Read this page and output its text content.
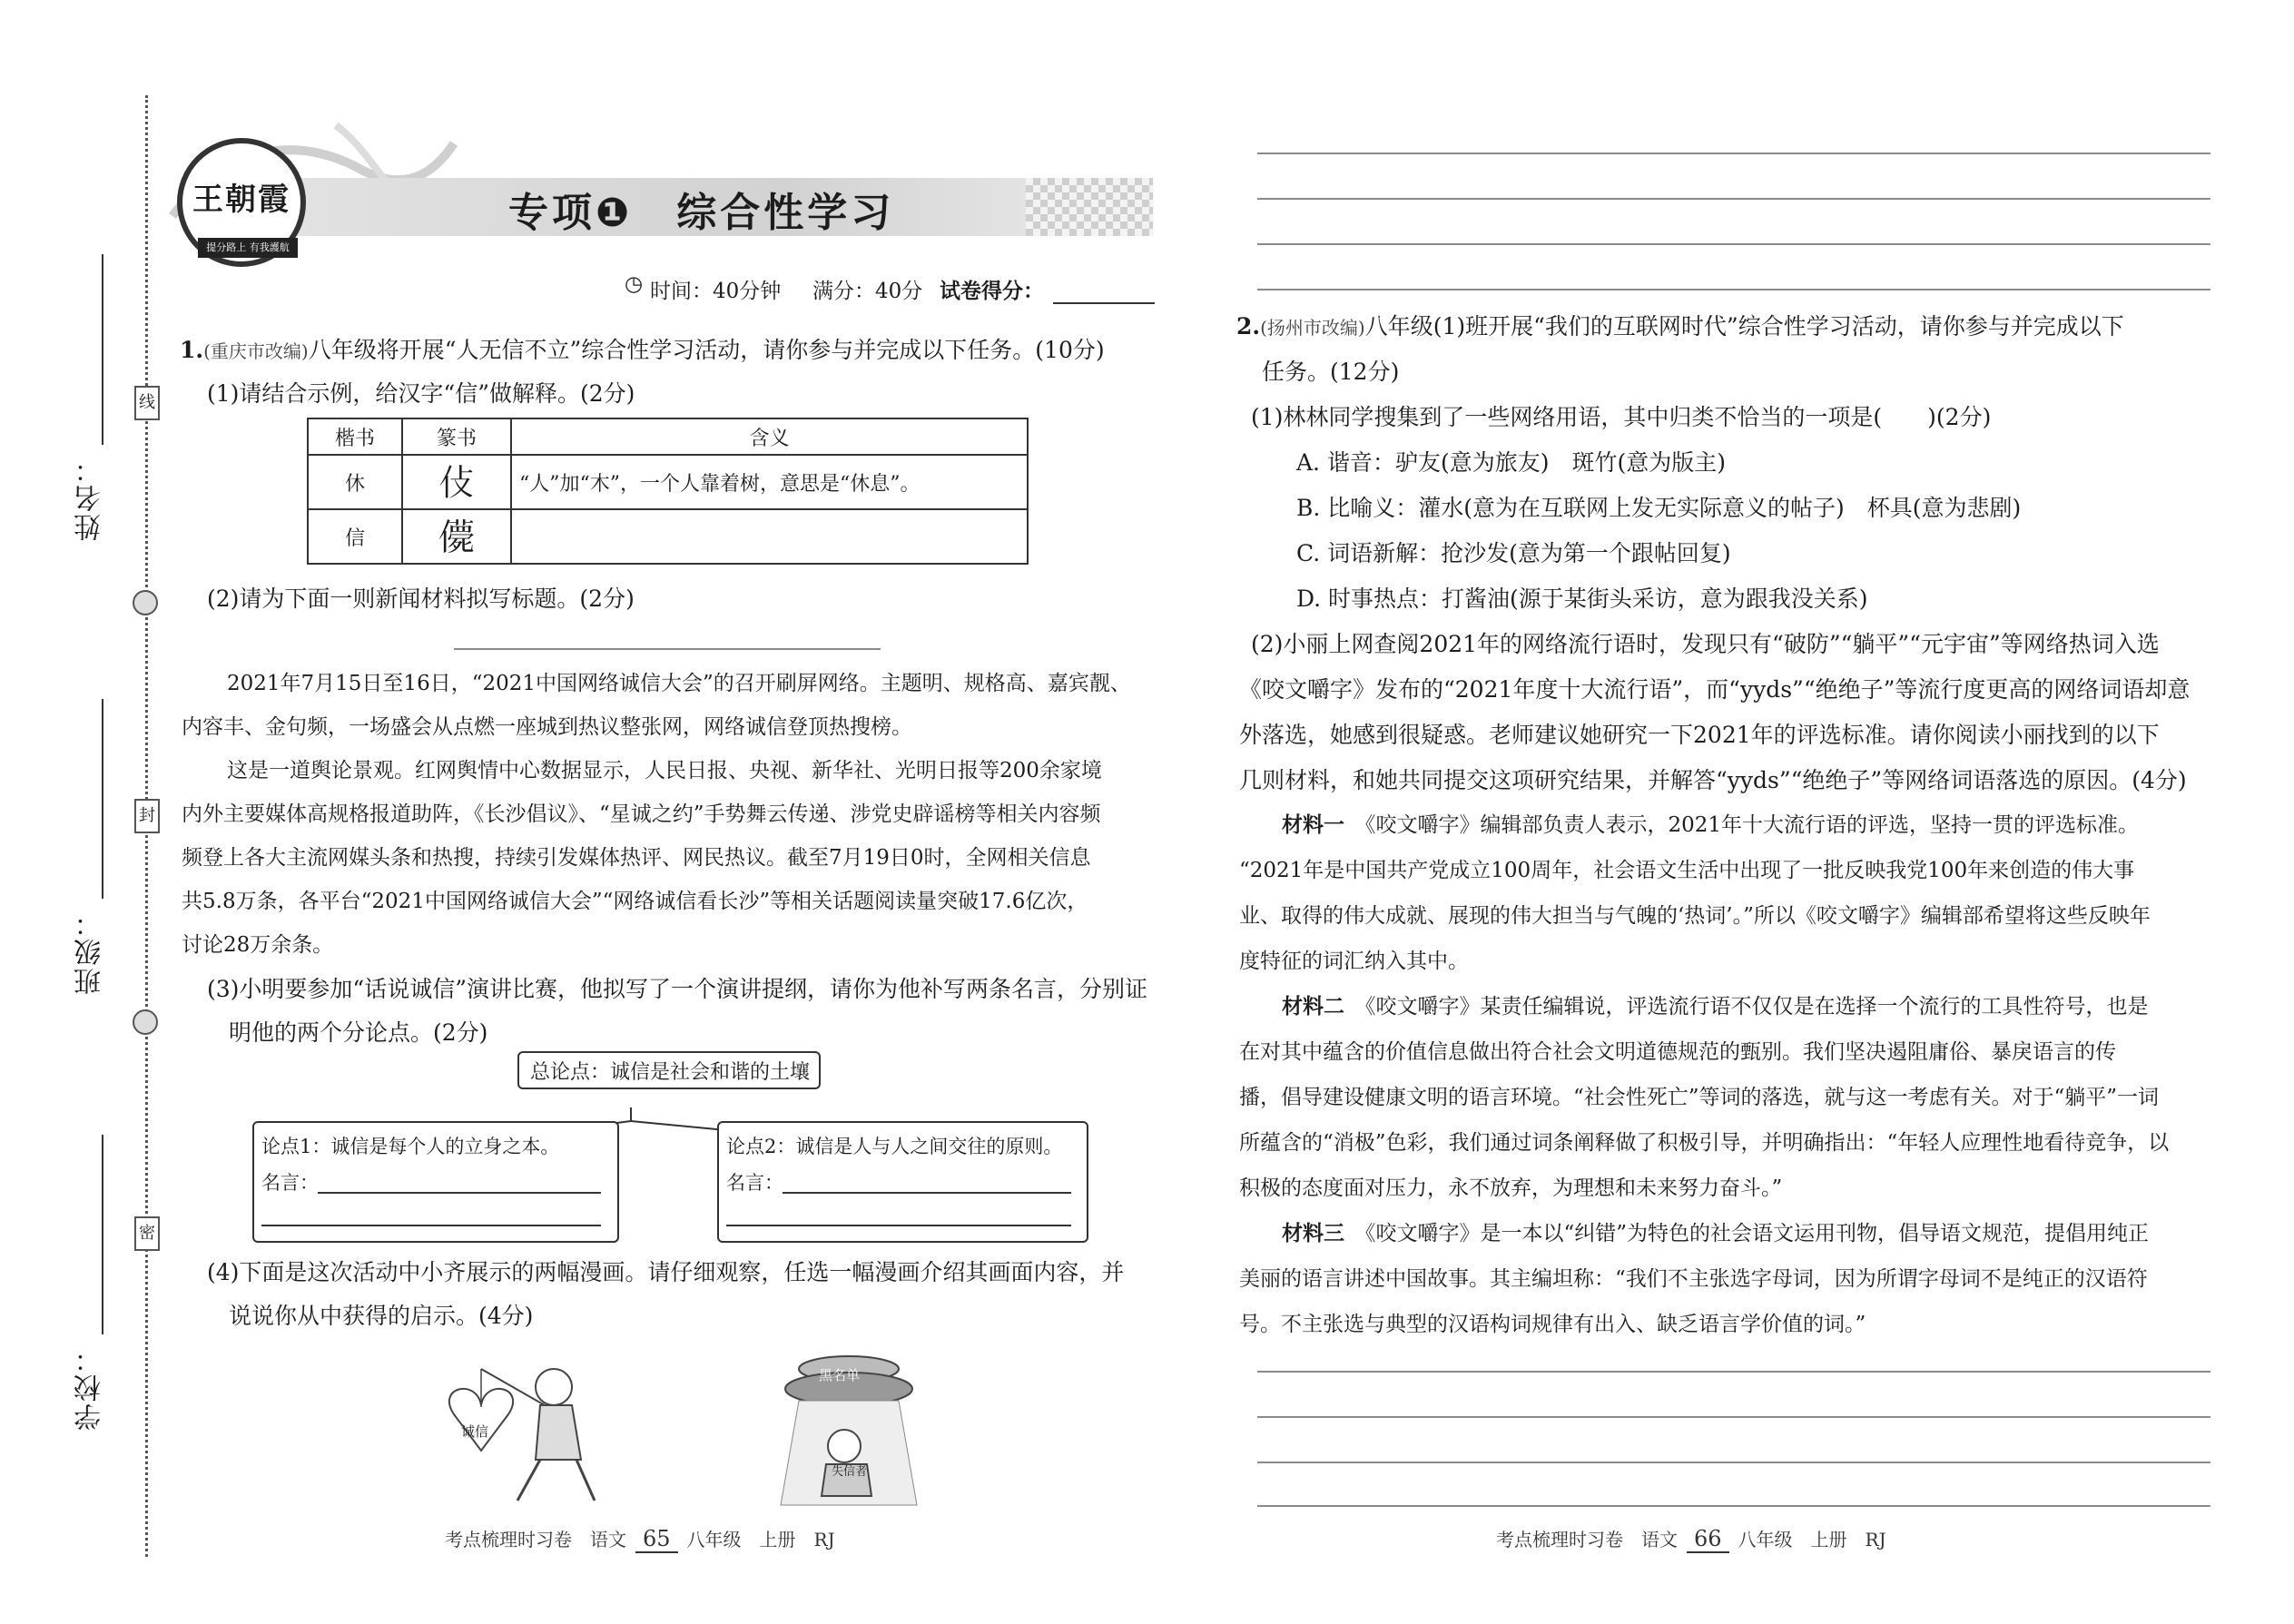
姓名：
班级：
学校：
线
封
密
王朝霞
提分路上 有我護航
专项❶　综合性学习
◷ 时间：40分钟 满分：40分 试卷得分：
1.(重庆市改编)八年级将开展“人无信不立”综合性学习活动，请你参与并完成以下任务。(10分)
(1)请结合示例，给汉字“信”做解释。(2分)
楷书	篆书	含义
休	𠆸	“人”加“木”，一个人靠着树，意思是“休息”。
信	𠐿	
(2)请为下面一则新闻材料拟写标题。(2分)
2021年7月15日至16日，“2021中国网络诚信大会”的召开刷屏网络。主题明、规格高、嘉宾靓、
内容丰、金句频，一场盛会从点燃一座城到热议整张网，网络诚信登顶热搜榜。
这是一道舆论景观。红网舆情中心数据显示，人民日报、央视、新华社、光明日报等200余家境
内外主要媒体高规格报道助阵，《长沙倡议》、“星诚之约”手势舞云传递、涉党史辟谣榜等相关内容频
频登上各大主流网媒头条和热搜，持续引发媒体热评、网民热议。截至7月19日0时，全网相关信息
共5.8万条，各平台“2021中国网络诚信大会”“网络诚信看长沙”等相关话题阅读量突破17.6亿次，
讨论28万余条。
(3)小明要参加“话说诚信”演讲比赛，他拟写了一个演讲提纲，请你为他补写两条名言，分别证
明他的两个分论点。(2分)
总论点：诚信是社会和谐的土壤
论点1：诚信是每个人的立身之本。
名言：
论点2：诚信是人与人之间交往的原则。
名言：
(4)下面是这次活动中小齐展示的两幅漫画。请仔细观察，任选一幅漫画介绍其画面内容，并
说说你从中获得的启示。(4分)
诚信
黑名单
失信者
考点梳理时习卷　语文 65 八年级　上册　RJ
2.(扬州市改编)八年级(1)班开展“我们的互联网时代”综合性学习活动，请你参与并完成以下
任务。(12分)
(1)林林同学搜集到了一些网络用语，其中归类不恰当的一项是(　　)(2分)
A. 谐音：驴友(意为旅友)　斑竹(意为版主)
B. 比喻义：灌水(意为在互联网上发无实际意义的帖子)　杯具(意为悲剧)
C. 词语新解：抢沙发(意为第一个跟帖回复)
D. 时事热点：打酱油(源于某街头采访，意为跟我没关系)
(2)小丽上网查阅2021年的网络流行语时，发现只有“破防”“躺平”“元宇宙”等网络热词入选
《咬文嚼字》发布的“2021年度十大流行语”，而“yyds”“绝绝子”等流行度更高的网络词语却意
外落选，她感到很疑惑。老师建议她研究一下2021年的评选标准。请你阅读小丽找到的以下
几则材料，和她共同提交这项研究结果，并解答“yyds”“绝绝子”等网络词语落选的原因。(4分)
材料一　 《咬文嚼字》编辑部负责人表示，2021年十大流行语的评选，坚持一贯的评选标准。
“2021年是中国共产党成立100周年，社会语文生活中出现了一批反映我党100年来创造的伟大事
业、取得的伟大成就、展现的伟大担当与气魄的‘热词’。”所以《咬文嚼字》编辑部希望将这些反映年
度特征的词汇纳入其中。
材料二　 《咬文嚼字》某责任编辑说，评选流行语不仅仅是在选择一个流行的工具性符号，也是
在对其中蕴含的价值信息做出符合社会文明道德规范的甄别。我们坚决遏阻庸俗、暴戾语言的传
播，倡导建设健康文明的语言环境。“社会性死亡”等词的落选，就与这一考虑有关。对于“躺平”一词
所蕴含的“消极”色彩，我们通过词条阐释做了积极引导，并明确指出：“年轻人应理性地看待竞争，以
积极的态度面对压力，永不放弃，为理想和未来努力奋斗。”
材料三　 《咬文嚼字》是一本以“纠错”为特色的社会语文运用刊物，倡导语文规范，提倡用纯正
美丽的语言讲述中国故事。其主编坦称：“我们不主张选字母词，因为所谓字母词不是纯正的汉语符
号。不主张选与典型的汉语构词规律有出入、缺乏语言学价值的词。”
考点梳理时习卷　语文 66 八年级　上册　RJ
